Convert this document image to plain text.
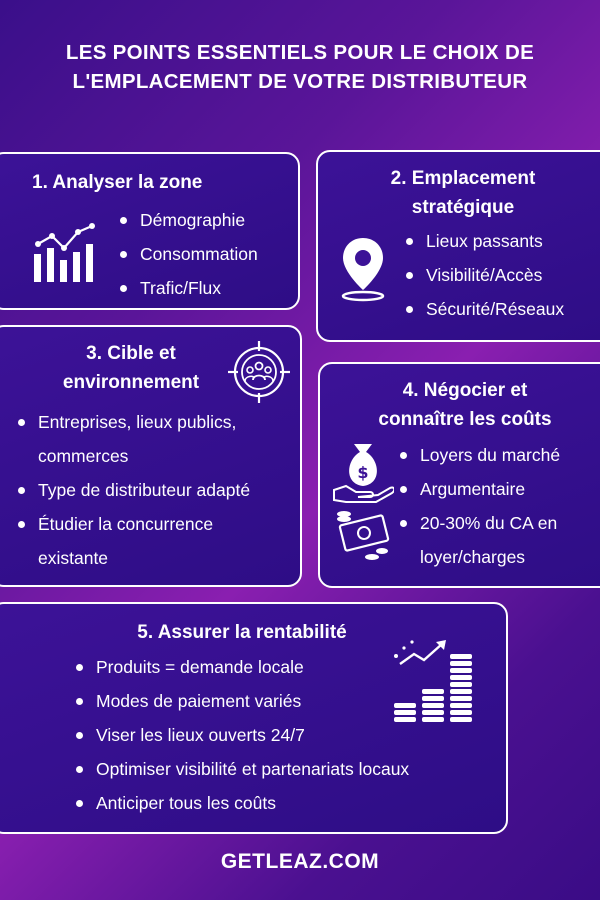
LES POINTS ESSENTIELS POUR LE CHOIX DE L'EMPLACEMENT DE VOTRE DISTRIBUTEUR
1. Analyser la zone
Démographie
Consommation
Trafic/Flux
2. Emplacement
stratégique
Lieux passants
Visibilité/Accès
Sécurité/Réseaux
3. Cible et
environnement
Entreprises, lieux publics,
commerces
Type de distributeur adapté
Étudier la concurrence
existante
4. Négocier et
connaître les coûts
$
Loyers du marché
Argumentaire
20-30% du CA en
loyer/charges
5. Assurer la rentabilité
Produits = demande locale
Modes de paiement variés
Viser les lieux ouverts 24/7
Optimiser visibilité et partenariats locaux
Anticiper tous les coûts
GETLEAZ.COM
